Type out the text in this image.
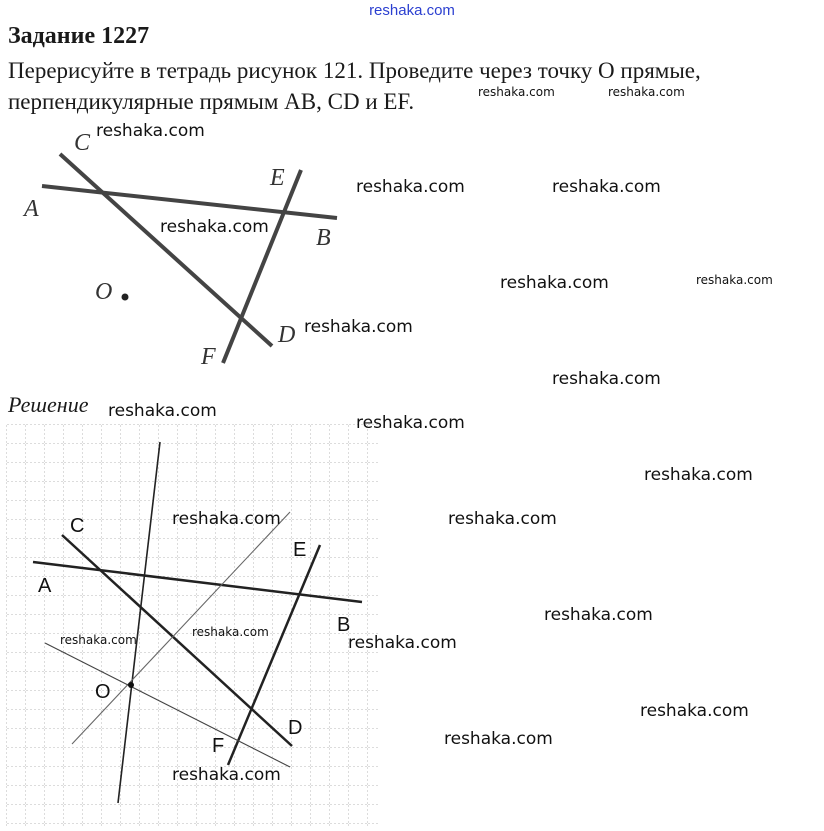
reshaka.com
Задание 1227

Перерисуйте в тетрадь рисунок 121. Проведите через точку О прямые, перпендикулярные прямым AB, CD и EF.

Решение
A
B
C
D
E
F
O
A
B
C
D
E
F
O
reshaka.com	reshaka.com
reshaka.com
reshaka.com	reshaka.com
reshaka.com
reshaka.com	reshaka.com
reshaka.com
reshaka.com
reshaka.com
reshaka.com
reshaka.com
reshaka.com	reshaka.com
reshaka.com
reshaka.com
reshaka.com	reshaka.com
reshaka.com
reshaka.com
reshaka.com
